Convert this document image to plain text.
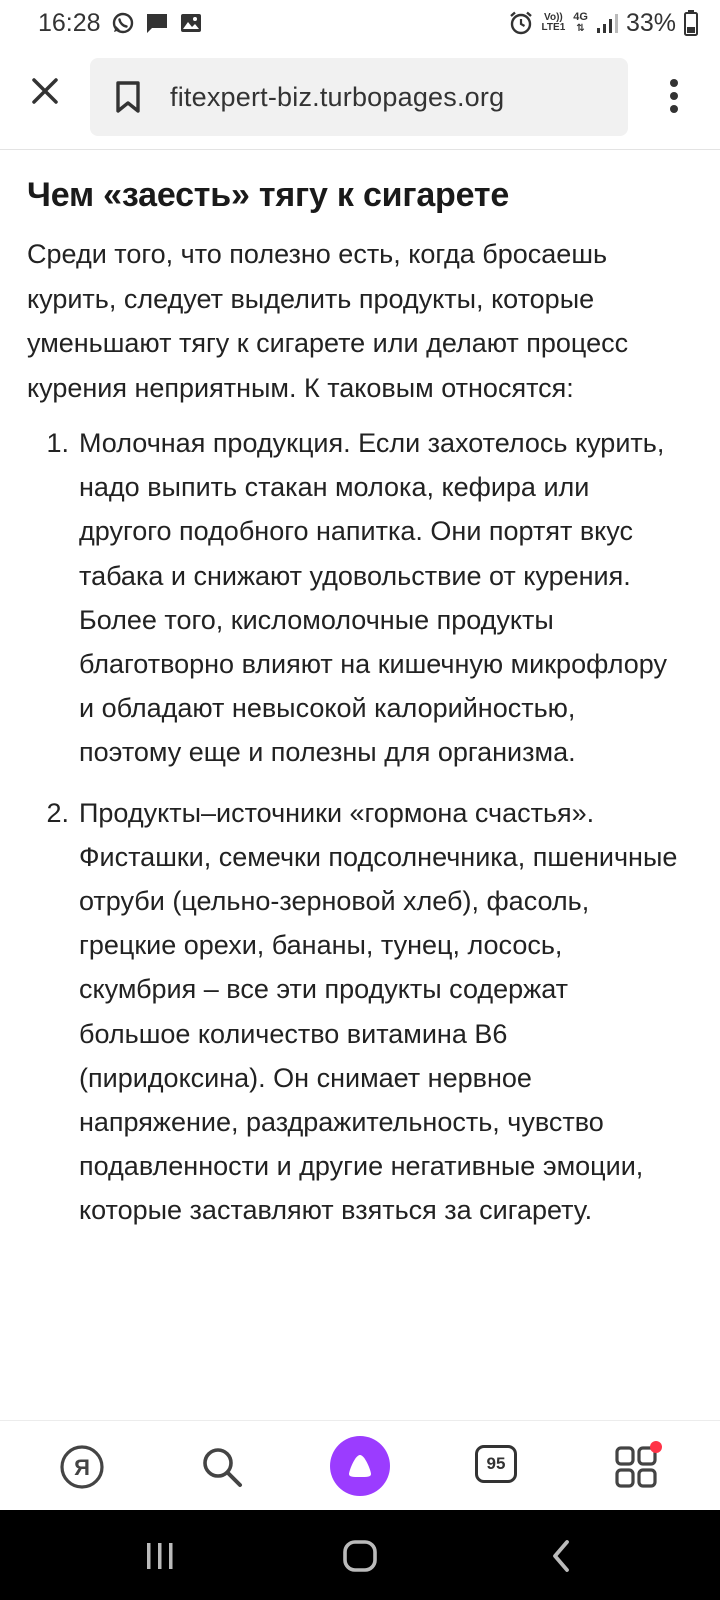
16:28	Vo))
LTE1
4G
⇅ 33%
fitexpert-biz.turbopages.org
Чем «заесть» тягу к сигарете

Среди того, что полезно есть, когда бросаешь курить, следует выделить продукты, которые уменьшают тягу к сигарете или делают процесс курения неприятным. К таковым относятся:

1. Молочная продукция. Если захотелось курить, надо выпить стакан молока, кефира или другого подобного напитка. Они портят вкус табака и снижают удовольствие от курения. Более того, кисломолочные продукты благотворно влияют на кишечную микрофлору и обладают невысокой калорийностью, поэтому еще и полезны для организма.
2. Продукты–источники «гормона счастья». Фисташки, семечки подсолнечника, пшеничные отруби (цельно-зерновой хлеб), фасоль, грецкие орехи, бананы, тунец, лосось, скумбрия – все эти продукты содержат большое количество витамина B6 (пиридоксина). Он снимает нервное напряжение, раздражительность, чувство подавленности и другие негативные эмоции, которые заставляют взяться за сигарету.
Я	95
